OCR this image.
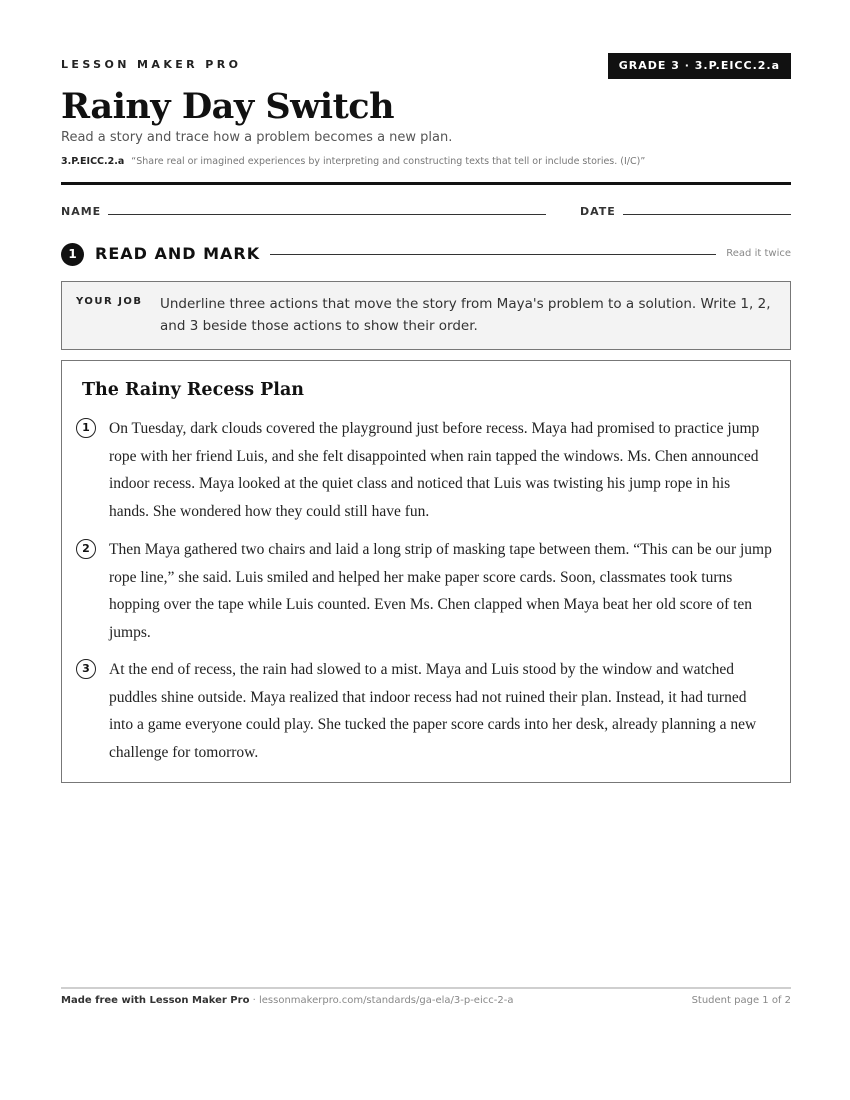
LESSON MAKER PRO	GRADE 3 · 3.P.EICC.2.a
Rainy Day Switch
Read a story and trace how a problem becomes a new plan.
3.P.EICC.2.a “Share real or imagined experiences by interpreting and constructing texts that tell or include stories. (I/C)”
NAME	DATE
1	READ AND MARK	Read it twice
YOUR JOB Underline three actions that move the story from Maya's problem to a solution. Write 1, 2, and 3 beside those actions to show their order.
The Rainy Recess Plan
1	On Tuesday, dark clouds covered the playground just before recess. Maya had promised to practice jump rope with her friend Luis, and she felt disappointed when rain tapped the windows. Ms. Chen announced indoor recess. Maya looked at the quiet class and noticed that Luis was twisting his jump rope in his hands. She wondered how they could still have fun.
2	Then Maya gathered two chairs and laid a long strip of masking tape between them. “This can be our jump rope line,” she said. Luis smiled and helped her make paper score cards. Soon, classmates took turns hopping over the tape while Luis counted. Even Ms. Chen clapped when Maya beat her old score of ten jumps.
3	At the end of recess, the rain had slowed to a mist. Maya and Luis stood by the window and watched puddles shine outside. Maya realized that indoor recess had not ruined their plan. Instead, it had turned into a game everyone could play. She tucked the paper score cards into her desk, already planning a new challenge for tomorrow.
Made free with Lesson Maker Pro · lessonmakerpro.com/standards/ga-ela/3-p-eicc-2-a	Student page 1 of 2
